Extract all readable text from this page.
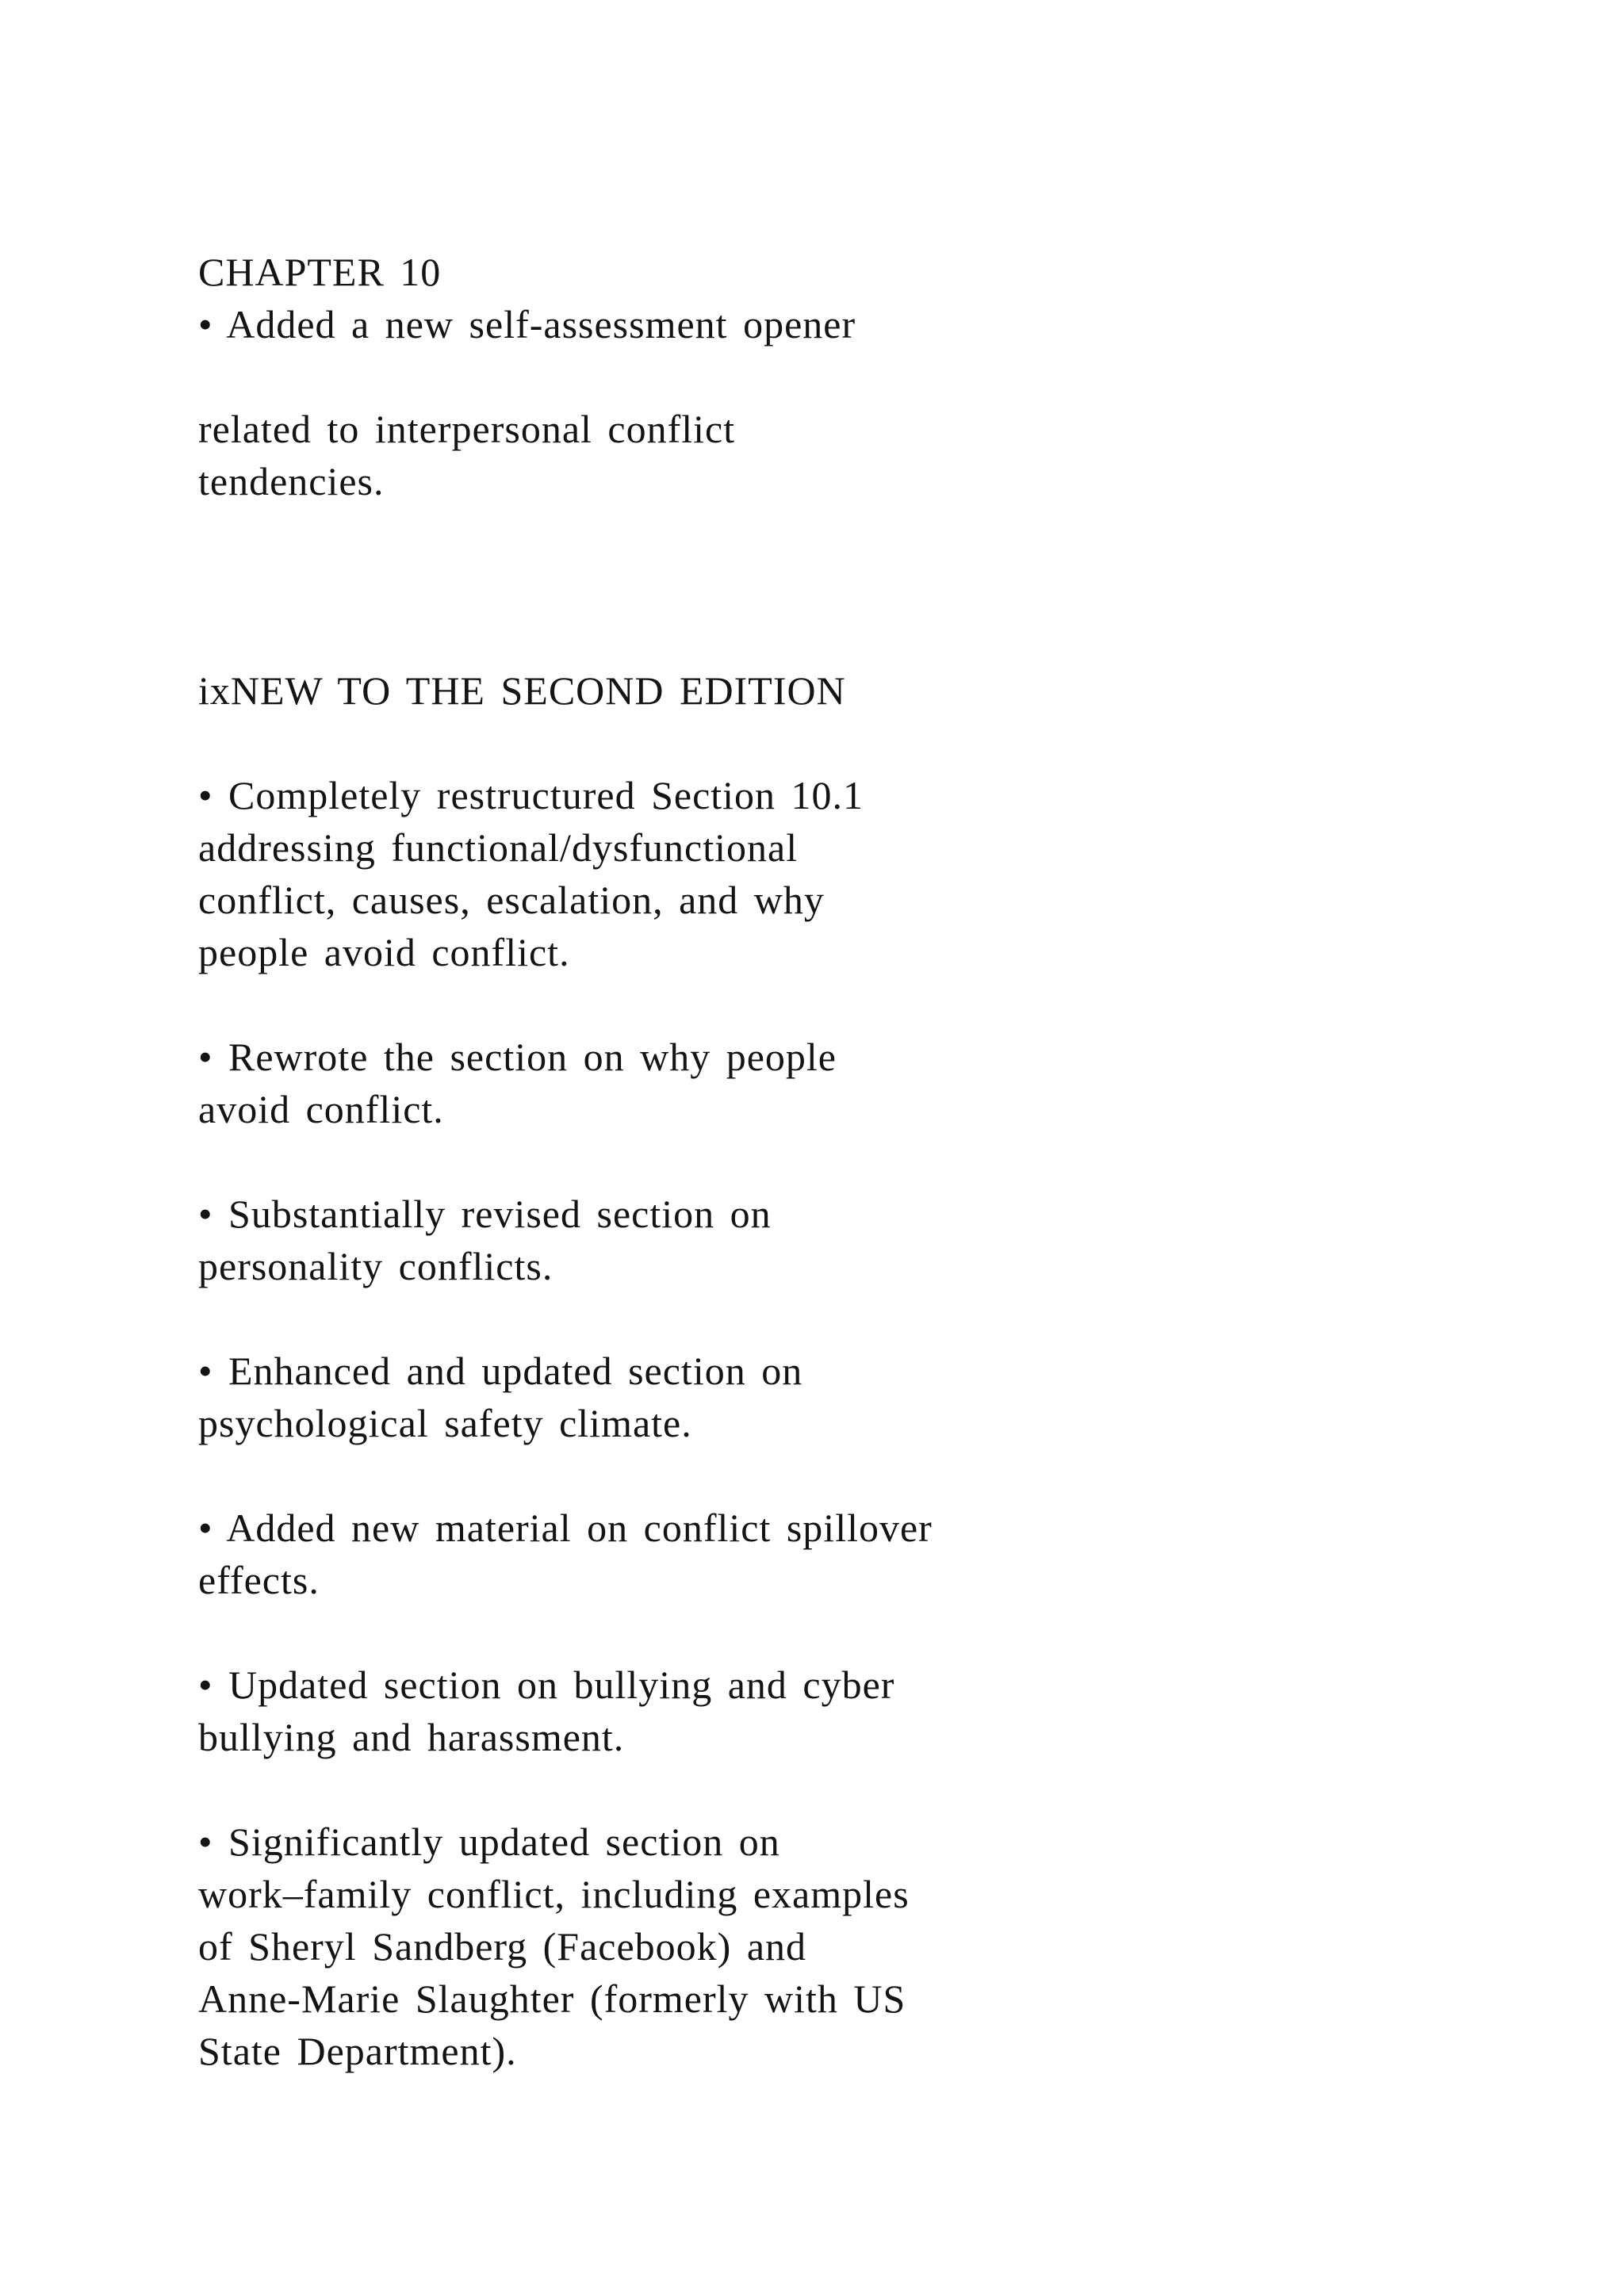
CHAPTER 10
• Added a new self-assessment opener
related to interpersonal conflict
tendencies.
ixNEW TO THE SECOND EDITION
• Completely restructured Section 10.1
addressing functional/dysfunctional
conflict, causes, escalation, and why
people avoid conflict.
• Rewrote the section on why people
avoid conflict.
• Substantially revised section on
personality conflicts.
• Enhanced and updated section on
psychological safety climate.
• Added new material on conflict spillover
effects.
• Updated section on bullying and cyber
bullying and harassment.
• Significantly updated section on
work–family conflict, including examples
of Sheryl Sandberg (Facebook) and
Anne-Marie Slaughter (formerly with US
State Department).
